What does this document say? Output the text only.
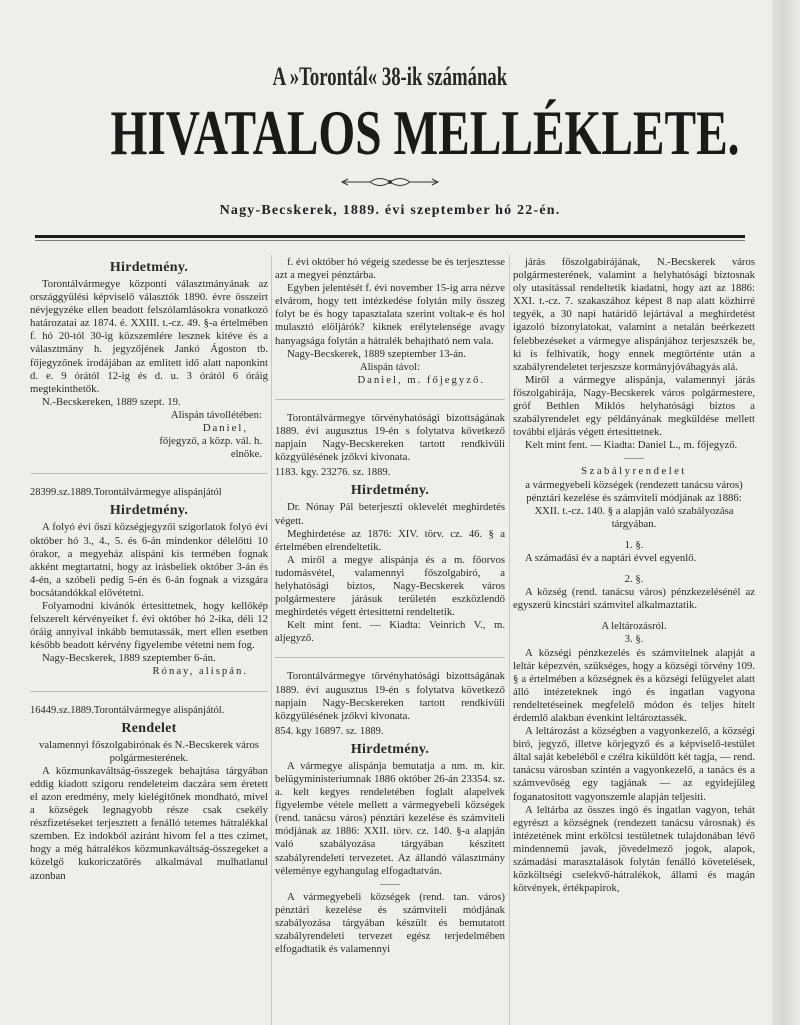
A »Torontál« 38-ik számának
HIVATALOS MELLÉKLETE.
Nagy-Becskerek, 1889. évi szeptember hó 22-én.
Hirdetmény.
Torontálvármegye központi választmányának az országgyülési képviselő választók 1890. évre összeirt névjegyzéke ellen beadott felszólamlásokra vonatkozó határozatai az 1874. é. XXIII. t.-cz. 49. §-a értelmében f. hó 20-tól 30-ig közszemlére lesznek kitéve és a választmány h. jegyzőjének Jankó Ágoston tb. főjegyzőnek irodájában az emlitett idő alatt naponkint d. e. 9 órától 12-ig és d. u. 3 órától 6 óráig megtekinthetők.
N.-Becskereken, 1889 szept. 19.
Alispán távollétében:
Daniel,
főjegyző, a közp. vál. h.
elnöke.
28399.sz.1889.Torontálvármegye alispánjától
Hirdetmény.
A folyó évi őszi községjegyzői szigorlatok folyó évi október hó 3., 4., 5. és 6-án mindenkor délelőtti 10 órakor, a megyeház alispáni kis termében fognak akként megtartatni, hogy az irásbeliek október 3-án és 4-én, a szóbeli pedig 5-én és 6-án fognak a vizsgára bocsátandókkal elővétetni.
Folyamodni kivánók értesittetnek, hogy kellőkép felszerelt kérvényeiket f. évi október hó 2-ika, déli 12 óráig annyival inkább bemutassák, mert ellen esetben később beadott kérvény figyelembe vétetni nem fog.
Nagy-Becskerek, 1889 szeptember 6-án.
Rónay, alispán.
16449.sz.1889.Torontálvármegye alispánjától.
Rendelet
valamennyi főszolgabirónak és N.-Becskerek város polgármesterének.
A közmunkaváltság-összegek behajtása tárgyában eddig kiadott szigoru rendeleteim daczára sem éretett el azon eredmény, mely kielégitőnek mondható, mivel a községek legnagyobb része csak csekély részfizetéseket terjesztett a fenálló tetemes hátralékkal szemben. Ez indokból aziránt hivom fel a ttes czimet, hogy a még hátralékos közmunkaváltság-összegeket a közelgő kukoriczatörés alkalmával mulhatlanul azonban
f. évi október hó végeig szedesse be és terjesztesse azt a megyei pénztárba.
Egyben jelentését f. évi november 15-ig arra nézve elvárom, hogy tett intézkedése folytán mily összeg folyt be és hogy tapasztalata szerint voltak-e és hol mulasztó elöljárók? kiknek erélytelensége avagy hanyagsága folytán a hátralék behajtható nem vala.
Nagy-Becskerek, 1889 szeptember 13-án.
Alispán távol:
Daniel, m. főjegyző.
Torontálvármegye törvényhatósági bizottságának 1889. évi augusztus 19-én s folytatva következő napjain Nagy-Becskereken tartott rendkivüli közgyülésének jzőkvi kivonata.
1183. kgy. 23276. sz. 1889.
Hirdetmény.
Dr. Nónay Pál beterjeszti oklevelét meghirdetés végett.
Meghirdetése az 1876: XIV. törv. cz. 46. § a értelmében elrendeltetik.
A miről a megye alispánja és a m. főorvos tudomásvétel, valamennyi főszolgabiró, a helyhatósági biztos, Nagy-Becskerek város polgármestere járásuk területén eszközlendő meghirdetés végett értesittetni rendeltetik.
Kelt mint fent. — Kiadta: Veinrich V., m. aljegyző.
Torontálvármegye törvényhatósági bizottságának 1889. évi augusztus 19-én s folytatva következő napjain Nagy-Becskereken tartott rendkivüli közgyülésének jzőkvi kivonata.
854. kgy 16897. sz. 1889.
Hirdetmény.
A vármegye alispánja bemutatja a nm. m. kir. belügyministeriumnak 1886 október 26-án 23354. sz. a. kelt kegyes rendeletében foglalt alapelvek figyelembe vétele mellett a vármegyebeli községek (rend. tanácsu város) pénztári kezelése és számviteli módjának az 1886: XXII. törv. cz. 140. §-a alapján való szabályozása tárgyában készitett szabályrendeleti tervezetet. Az állandó választmány véleménye egyhangulag elfogadtatván.
A vármegyebeli községek (rend. tan. város) pénztári kezelése és számviteli módjának szabályozása tárgyában készült és bemutatott szabályrendeleti tervezet egész terjedelmében elfogadtatik és valamennyi
járás főszolgabirájának, N.-Becskerek város polgármesterének, valamint a helyhatósági biztosnak oly utasitással rendeltetik kiadatni, hogy azt az 1886: XXI. t.-cz. 7. szakaszához képest 8 nap alatt közhirré tegyék, a 30 napi határidő lejártával a meghirdetést igazoló bizonylatokat, valamint a netalán beérkezett felebbezéseket a vármegye alispánjához terjeszszék be, ki is felhivatik, hogy ennek megtörténte után a szabályrendeletet terjeszsze kormányjóváhagyás alá.
Miről a vármegye alispánja, valamennyi járás főszolgabirája, Nagy-Becskerek város polgármestere, gróf Bethlen Miklós helyhatósági biztos a szabályrendelet egy példányának megküldése mellett további eljárás végett értesittetnek.
Kelt mint fent. — Kiadta: Daniel L., m. főjegyző.
Szabályrendelet
a vármegyebeli községek (rendezett tanácsu város) pénztári kezelése és számviteli módjának az 1886: XXII. t.-cz. 140. § a alapján való szabályozása tárgyában.
1. §.
A számadási év a naptári évvel egyenlő.
2. §.
A község (rend. tanácsu város) pénzkezelésénél az egyszerü kincstári számvitel alkalmaztatik.
A leltározásról.
3. §.
A községi pénzkezelés és számvitelnek alapját a leltár képezvén, szükséges, hogy a községi törvény 109. § a értelmében a községnek és a községi felügyelet alatt álló intézeteknek ingó és ingatlan vagyona rendeltetéseinek megfelelő módon és teljes hitelt érdemlő alakban évenkint leltároztassék.
A leltározást a községben a vagyonkezelő, a községi biró, jegyző, illetve körjegyző és a képviselő-testület által saját kebeléből e czélra kiküldött két tagja, — rend. tanácsu városban szintén a vagyonkezelő, a tanács és a számvevőség egy tagjának — az egyidejüleg foganatositott vagyonszemle alapján teljesiti.
A leltárba az összes ingó és ingatlan vagyon, tehát egyrészt a községnek (rendezett tanácsu városnak) és intézetének mint erkölcsi testületnek tulajdonában lévő mindennemü javak, jövedelmező jogok, alapok, számadási marasztalások folytán fenálló követelések, közköltségi cselekvő-hátralékok, állami és magán kötvények, értékpapirok,
